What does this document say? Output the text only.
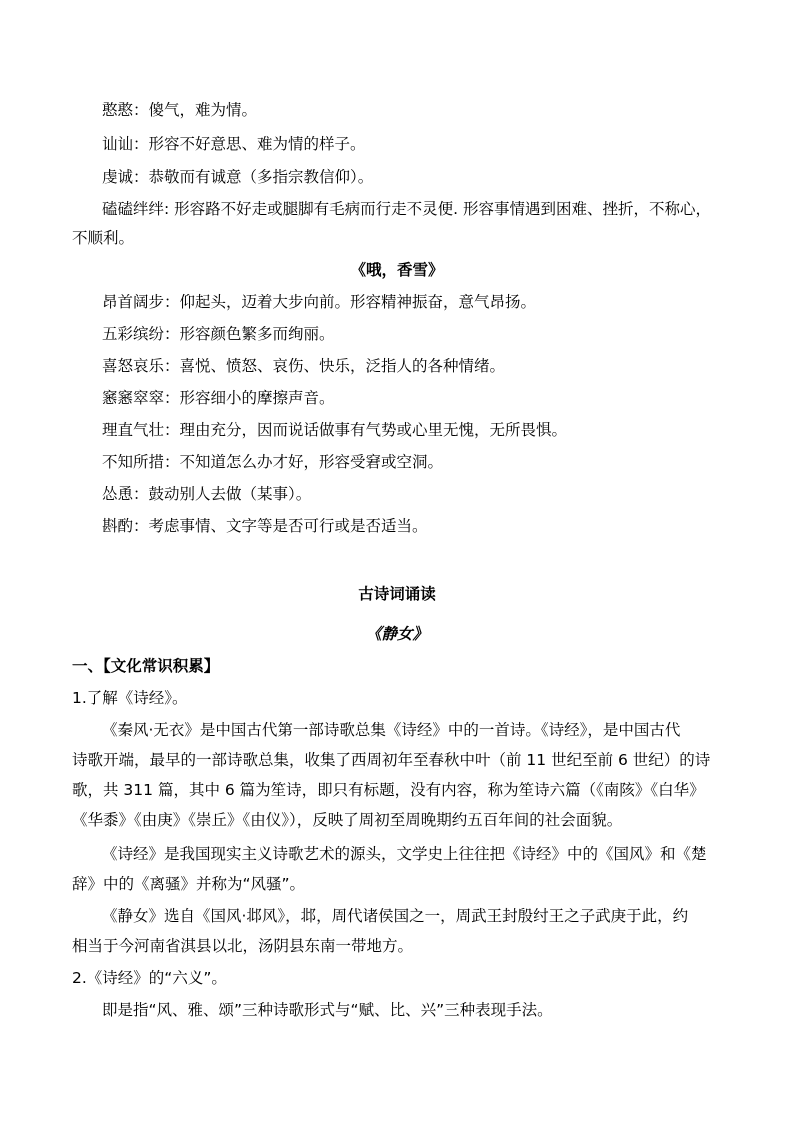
憨憨：傻气，难为情。
讪讪：形容不好意思、难为情的样子。
虔诚：恭敬而有诚意（多指宗教信仰）。
磕磕绊绊: 形容路不好走或腿脚有毛病而行走不灵便. 形容事情遇到困难、挫折，不称心，
不顺利。
《哦，香雪》
昂首阔步：仰起头，迈着大步向前。形容精神振奋，意气昂扬。
五彩缤纷：形容颜色繁多而绚丽。
喜怒哀乐：喜悦、愤怒、哀伤、快乐，泛指人的各种情绪。
窸窸窣窣：形容细小的摩擦声音。
理直气壮：理由充分，因而说话做事有气势或心里无愧，无所畏惧。
不知所措：不知道怎么办才好，形容受窘或空洞。
怂恿：鼓动别人去做（某事）。
斟酌：考虑事情、文字等是否可行或是否适当。
古诗词诵读
《静女》
一、【文化常识积累】
1.了解《诗经》。
《秦风·无衣》是中国古代第一部诗歌总集《诗经》中的一首诗。《诗经》，是中国古代
诗歌开端，最早的一部诗歌总集，收集了西周初年至春秋中叶（前 11 世纪至前 6 世纪）的诗
歌，共 311 篇，其中 6 篇为笙诗，即只有标题，没有内容，称为笙诗六篇（《南陔》《白华》
《华黍》《由庚》《崇丘》《由仪》），反映了周初至周晚期约五百年间的社会面貌。
《诗经》是我国现实主义诗歌艺术的源头，文学史上往往把《诗经》中的《国风》和《楚
辞》中的《离骚》并称为“风骚”。
《静女》选自《国风·邶风》，邶，周代诸侯国之一，周武王封殷纣王之子武庚于此，约
相当于今河南省淇县以北，汤阴县东南一带地方。
2.《诗经》的“六义”。
即是指“风、雅、颂”三种诗歌形式与“赋、比、兴”三种表现手法。
